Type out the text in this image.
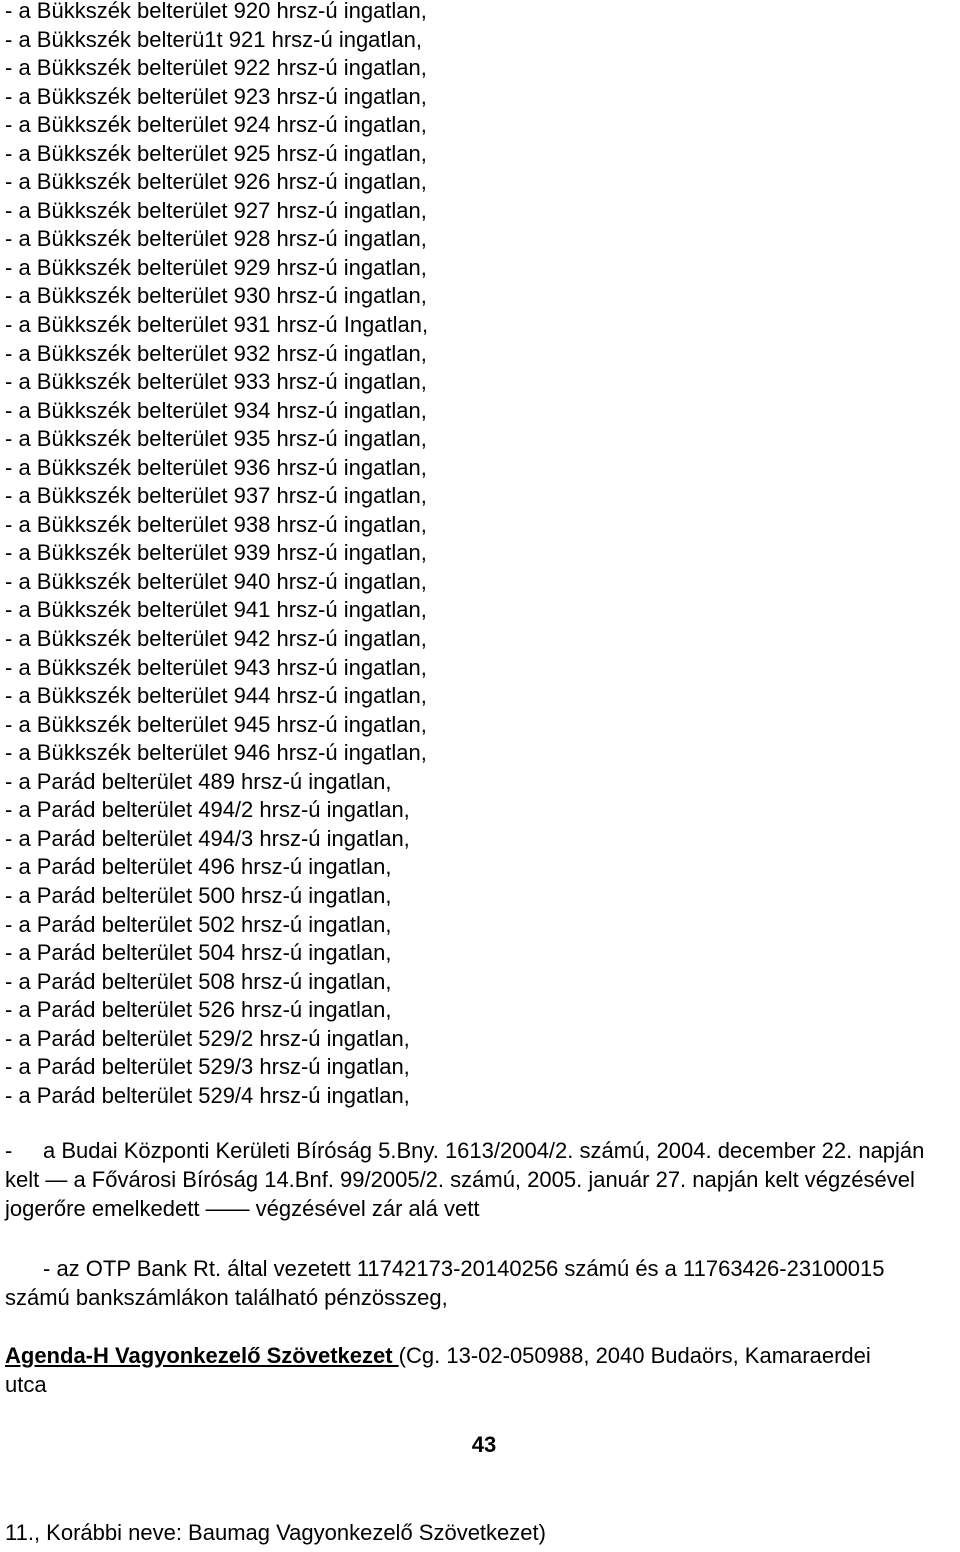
- a Bükkszék belterület 920 hrsz-ú ingatlan,
- a Bükkszék belterü1t 921 hrsz-ú ingatlan,
- a Bükkszék belterület 922 hrsz-ú ingatlan,
- a Bükkszék belterület 923 hrsz-ú ingatlan,
- a Bükkszék belterület 924 hrsz-ú ingatlan,
- a Bükkszék belterület 925 hrsz-ú ingatlan,
- a Bükkszék belterület 926 hrsz-ú ingatlan,
- a Bükkszék belterület 927 hrsz-ú ingatlan,
- a Bükkszék belterület 928 hrsz-ú ingatlan,
- a Bükkszék belterület 929 hrsz-ú ingatlan,
- a Bükkszék belterület 930 hrsz-ú ingatlan,
- a Bükkszék belterület 931 hrsz-ú Ingatlan,
- a Bükkszék belterület 932 hrsz-ú ingatlan,
- a Bükkszék belterület 933 hrsz-ú ingatlan,
- a Bükkszék belterület 934 hrsz-ú ingatlan,
- a Bükkszék belterület 935 hrsz-ú ingatlan,
- a Bükkszék belterület 936 hrsz-ú ingatlan,
- a Bükkszék belterület 937 hrsz-ú ingatlan,
- a Bükkszék belterület 938 hrsz-ú ingatlan,
- a Bükkszék belterület 939 hrsz-ú ingatlan,
- a Bükkszék belterület 940 hrsz-ú ingatlan,
- a Bükkszék belterület 941 hrsz-ú ingatlan,
- a Bükkszék belterület 942 hrsz-ú ingatlan,
- a Bükkszék belterület 943 hrsz-ú ingatlan,
- a Bükkszék belterület 944 hrsz-ú ingatlan,
- a Bükkszék belterület 945 hrsz-ú ingatlan,
- a Bükkszék belterület 946 hrsz-ú ingatlan,
- a Parád belterület 489 hrsz-ú ingatlan,
- a Parád belterület 494/2 hrsz-ú ingatlan,
- a Parád belterület 494/3 hrsz-ú ingatlan,
- a Parád belterület 496 hrsz-ú ingatlan,
- a Parád belterület 500 hrsz-ú ingatlan,
- a Parád belterület 502 hrsz-ú ingatlan,
- a Parád belterület 504 hrsz-ú ingatlan,
- a Parád belterület 508 hrsz-ú ingatlan,
- a Parád belterület 526 hrsz-ú ingatlan,
- a Parád belterület 529/2 hrsz-ú ingatlan,
- a Parád belterület 529/3 hrsz-ú ingatlan,
- a Parád belterület 529/4 hrsz-ú ingatlan,

- a Budai Központi Kerületi Bíróság 5.Bny. 1613/2004/2. számú, 2004. december 22. napján kelt — a Fővárosi Bíróság 14.Bnf. 99/2005/2. számú, 2005. január 27. napján kelt végzésével jogerőre emelkedett —— végzésével zár alá vett

- az OTP Bank Rt. által vezetett 11742173-20140256 számú és a 11763426-23100015 számú bankszámlákon található pénzösszeg,

Agenda-H Vagyonkezelő Szövetkezet (Cg. 13-02-050988, 2040 Budaörs, Kamaraerdei utca

43

11., Korábbi neve: Baumag Vagyonkezelő Szövetkezet)
